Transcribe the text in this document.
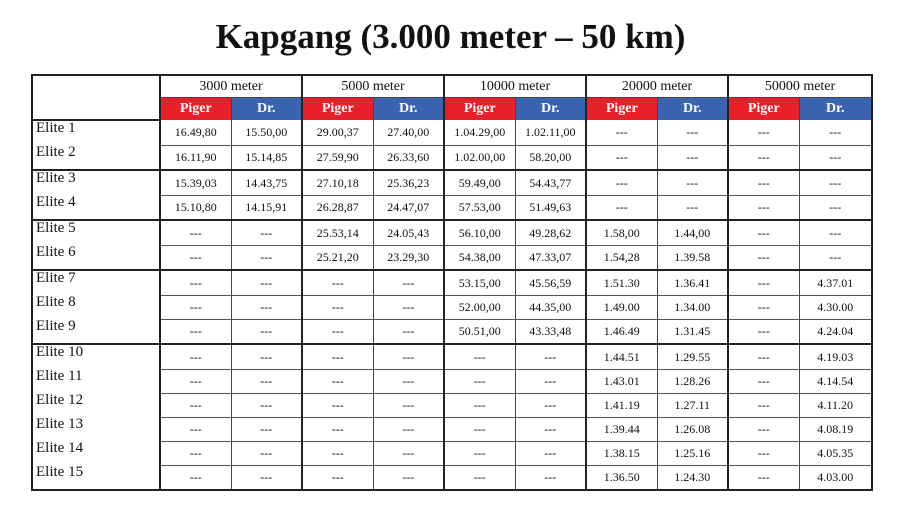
Kapgang (3.000 meter – 50 km)
	3000 meter		5000 meter		10000 meter		20000 meter		50000 meter	
	Piger	Dr.	Piger	Dr.	Piger	Dr.	Piger	Dr.	Piger	Dr.
Elite 1	16.49,80	15.50,00	29.00,37	27.40,00	1.04.29,00	1.02.11,00	---	---	---	---
Elite 2	16.11,90	15.14,85	27.59,90	26.33,60	1.02.00,00	58.20,00	---	---	---	---
Elite 3	15.39,03	14.43,75	27.10,18	25.36,23	59.49,00	54.43,77	---	---	---	---
Elite 4	15.10,80	14.15,91	26.28,87	24.47,07	57.53,00	51.49,63	---	---	---	---
Elite 5	---	---	25.53,14	24.05,43	56.10,00	49.28,62	1.58,00	1.44,00	---	---
Elite 6	---	---	25.21,20	23.29,30	54.38,00	47.33,07	1.54,28	1.39.58	---	---
Elite 7	---	---	---	---	53.15,00	45.56,59	1.51.30	1.36.41	---	4.37.01
Elite 8	---	---	---	---	52.00,00	44.35,00	1.49.00	1.34.00	---	4.30.00
Elite 9	---	---	---	---	50.51,00	43.33,48	1.46.49	1.31.45	---	4.24.04
Elite 10	---	---	---	---	---	---	1.44.51	1.29.55	---	4.19.03
Elite 11	---	---	---	---	---	---	1.43.01	1.28.26	---	4.14.54
Elite 12	---	---	---	---	---	---	1.41.19	1.27.11	---	4.11.20
Elite 13	---	---	---	---	---	---	1.39.44	1.26.08	---	4.08.19
Elite 14	---	---	---	---	---	---	1.38.15	1.25.16	---	4.05.35
Elite 15	---	---	---	---	---	---	1.36.50	1.24.30	---	4.03.00
